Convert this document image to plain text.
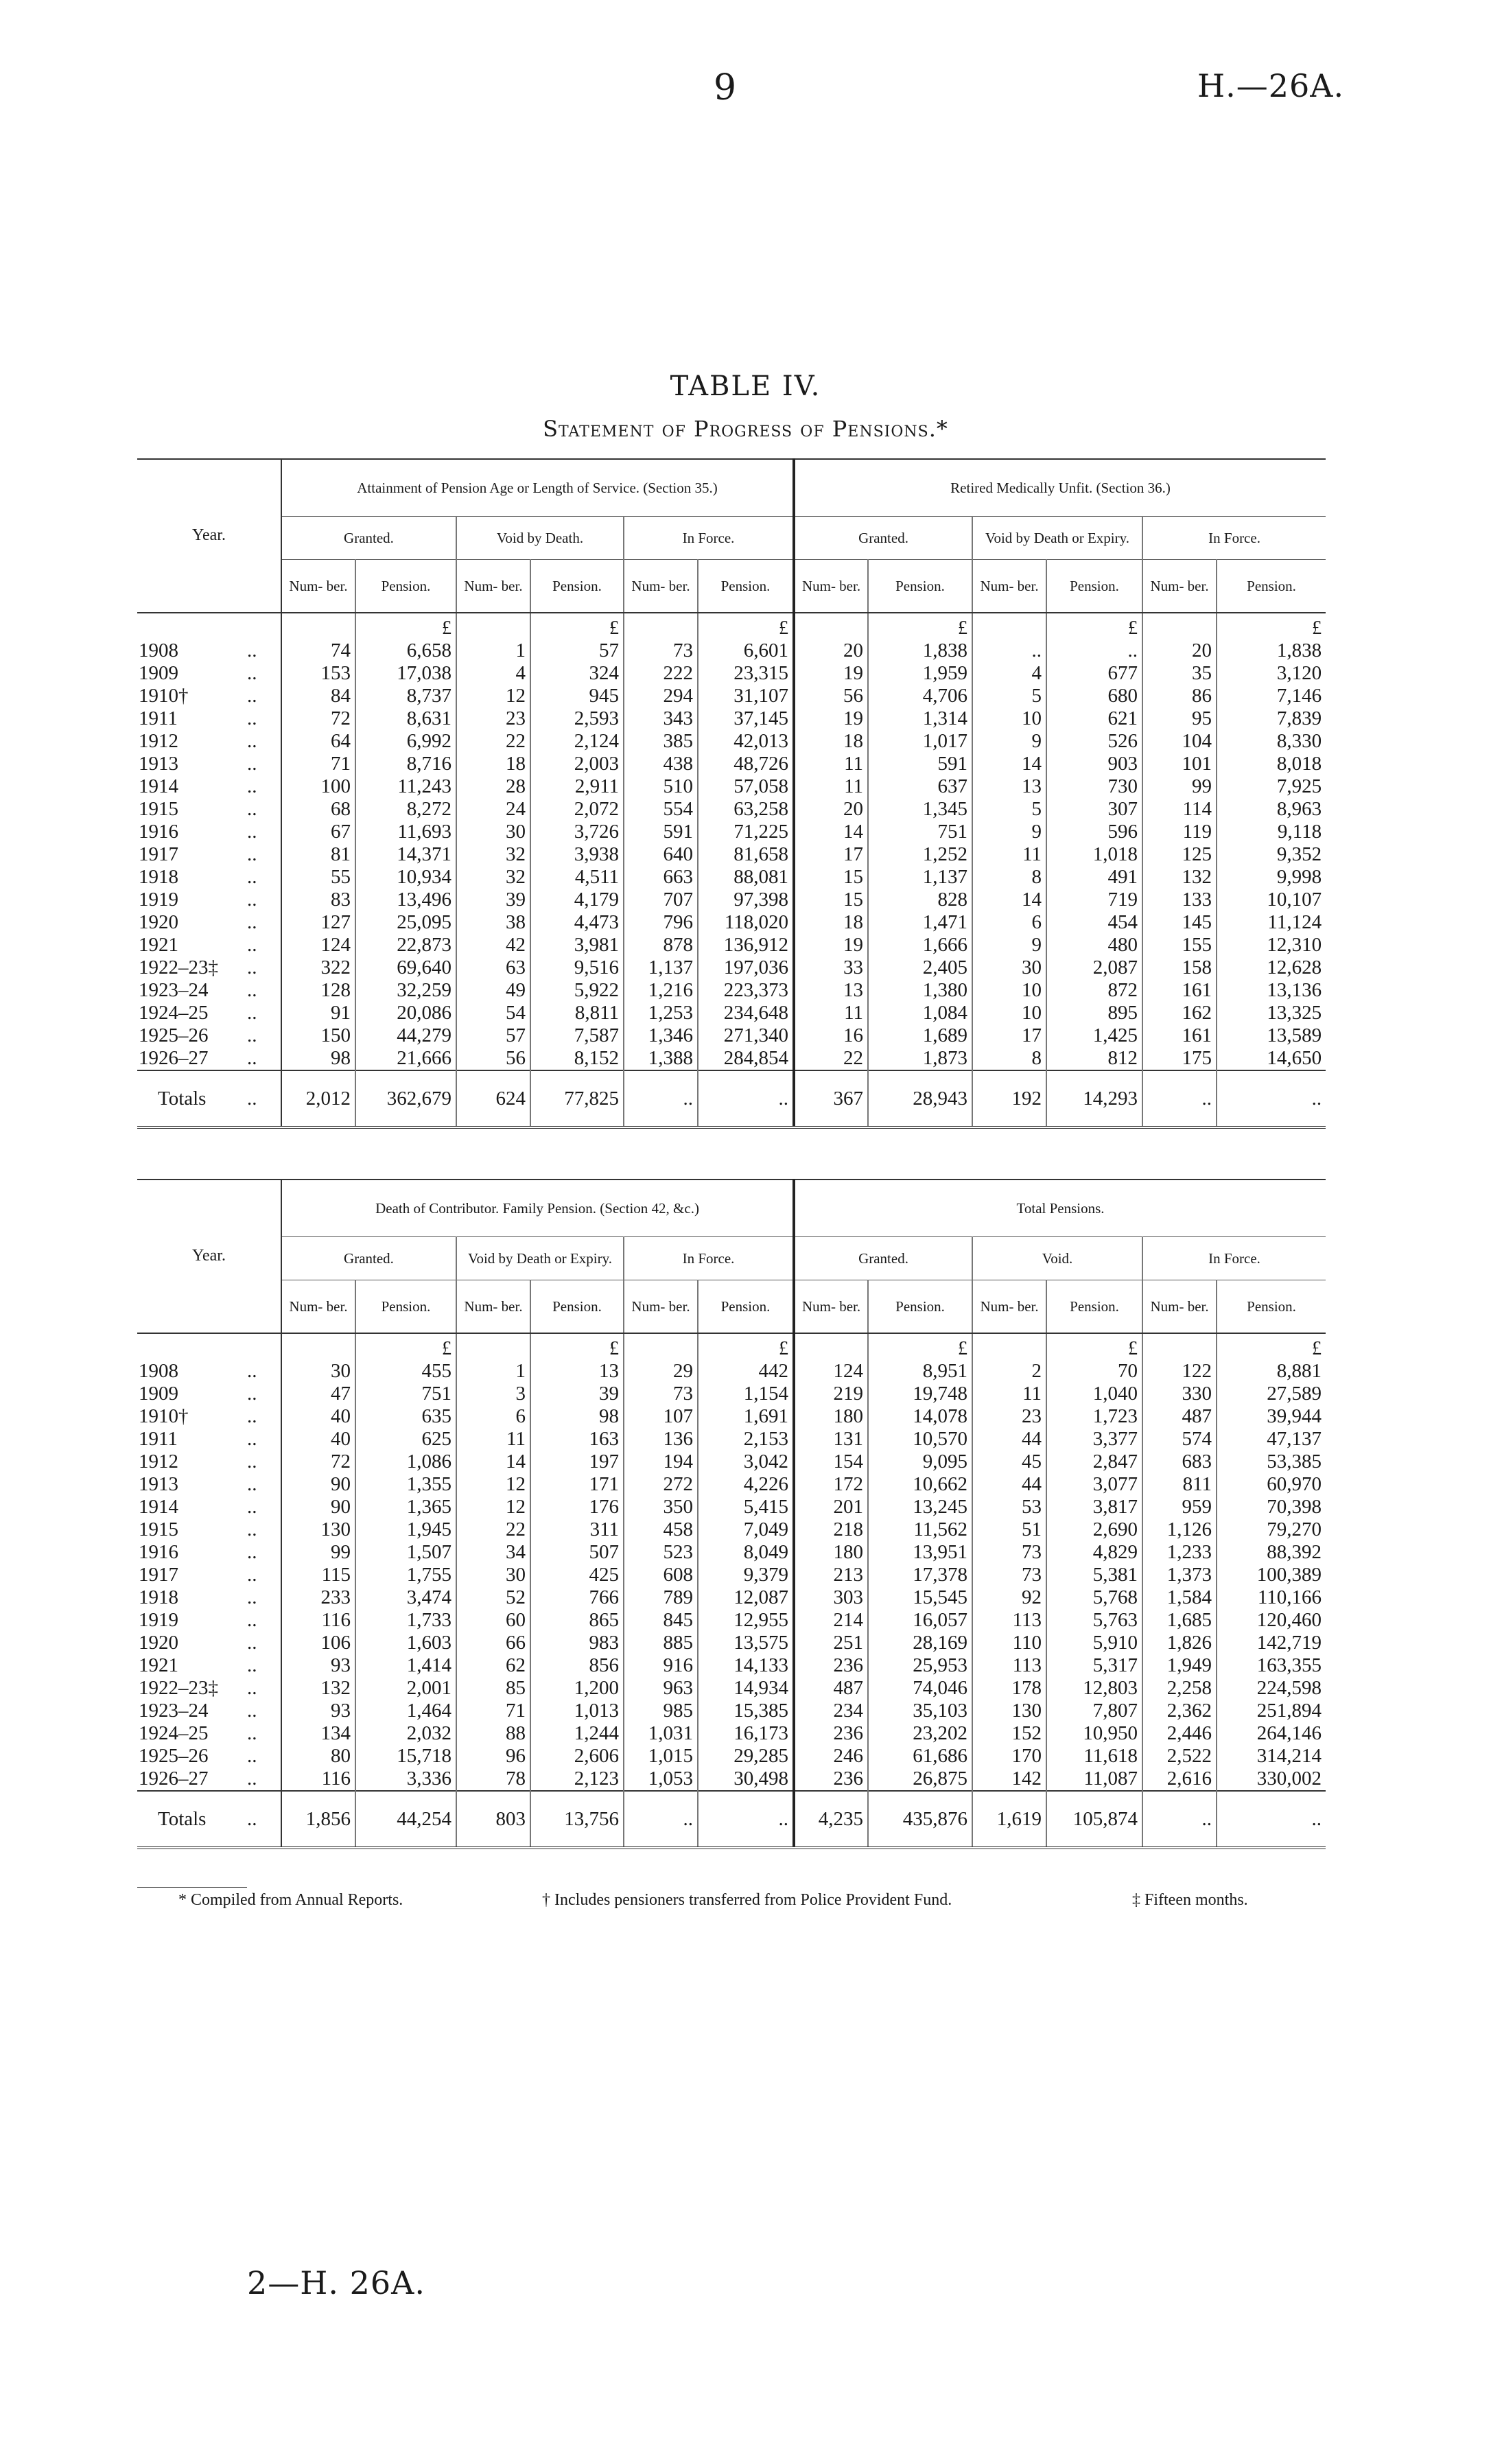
9	H.—26A.
TABLE IV.
Statement of Progress of Pensions.*
Year.	Attainment of Pension Age or Length of Service. (Section 35.)						Retired Medically Unfit. (Section 36.)					
	Granted.		Void by Death.		In Force.		Granted.		Void by Death or Expiry.		In Force.	
	Num- ber.	Pension.	Num- ber.	Pension.	Num- ber.	Pension.	Num- ber.	Pension.	Num- ber.	Pension.	Num- ber.	Pension.
		£		£		£		£		£		£
1908 ..	74	6,658	1	57	73	6,601	20	1,838	..	..	20	1,838
1909 ..	153	17,038	4	324	222	23,315	19	1,959	4	677	35	3,120
1910† ..	84	8,737	12	945	294	31,107	56	4,706	5	680	86	7,146
1911 ..	72	8,631	23	2,593	343	37,145	19	1,314	10	621	95	7,839
1912 ..	64	6,992	22	2,124	385	42,013	18	1,017	9	526	104	8,330
1913 ..	71	8,716	18	2,003	438	48,726	11	591	14	903	101	8,018
1914 ..	100	11,243	28	2,911	510	57,058	11	637	13	730	99	7,925
1915 ..	68	8,272	24	2,072	554	63,258	20	1,345	5	307	114	8,963
1916 ..	67	11,693	30	3,726	591	71,225	14	751	9	596	119	9,118
1917 ..	81	14,371	32	3,938	640	81,658	17	1,252	11	1,018	125	9,352
1918 ..	55	10,934	32	4,511	663	88,081	15	1,137	8	491	132	9,998
1919 ..	83	13,496	39	4,179	707	97,398	15	828	14	719	133	10,107
1920 ..	127	25,095	38	4,473	796	118,020	18	1,471	6	454	145	11,124
1921 ..	124	22,873	42	3,981	878	136,912	19	1,666	9	480	155	12,310
1922–23‡ ..	322	69,640	63	9,516	1,137	197,036	33	2,405	30	2,087	158	12,628
1923–24 ..	128	32,259	49	5,922	1,216	223,373	13	1,380	10	872	161	13,136
1924–25 ..	91	20,086	54	8,811	1,253	234,648	11	1,084	10	895	162	13,325
1925–26 ..	150	44,279	57	7,587	1,346	271,340	16	1,689	17	1,425	161	13,589
1926–27 ..	98	21,666	56	8,152	1,388	284,854	22	1,873	8	812	175	14,650
Totals ..	2,012	362,679	624	77,825	..	..	367	28,943	192	14,293	..	..
Year.	Death of Contributor. Family Pension. (Section 42, &c.)						Total Pensions.					
	Granted.		Void by Death or Expiry.		In Force.		Granted.		Void.		In Force.	
	Num- ber.	Pension.	Num- ber.	Pension.	Num- ber.	Pension.	Num- ber.	Pension.	Num- ber.	Pension.	Num- ber.	Pension.
		£		£		£		£		£		£
1908 ..	30	455	1	13	29	442	124	8,951	2	70	122	8,881
1909 ..	47	751	3	39	73	1,154	219	19,748	11	1,040	330	27,589
1910† ..	40	635	6	98	107	1,691	180	14,078	23	1,723	487	39,944
1911 ..	40	625	11	163	136	2,153	131	10,570	44	3,377	574	47,137
1912 ..	72	1,086	14	197	194	3,042	154	9,095	45	2,847	683	53,385
1913 ..	90	1,355	12	171	272	4,226	172	10,662	44	3,077	811	60,970
1914 ..	90	1,365	12	176	350	5,415	201	13,245	53	3,817	959	70,398
1915 ..	130	1,945	22	311	458	7,049	218	11,562	51	2,690	1,126	79,270
1916 ..	99	1,507	34	507	523	8,049	180	13,951	73	4,829	1,233	88,392
1917 ..	115	1,755	30	425	608	9,379	213	17,378	73	5,381	1,373	100,389
1918 ..	233	3,474	52	766	789	12,087	303	15,545	92	5,768	1,584	110,166
1919 ..	116	1,733	60	865	845	12,955	214	16,057	113	5,763	1,685	120,460
1920 ..	106	1,603	66	983	885	13,575	251	28,169	110	5,910	1,826	142,719
1921 ..	93	1,414	62	856	916	14,133	236	25,953	113	5,317	1,949	163,355
1922–23‡ ..	132	2,001	85	1,200	963	14,934	487	74,046	178	12,803	2,258	224,598
1923–24 ..	93	1,464	71	1,013	985	15,385	234	35,103	130	7,807	2,362	251,894
1924–25 ..	134	2,032	88	1,244	1,031	16,173	236	23,202	152	10,950	2,446	264,146
1925–26 ..	80	15,718	96	2,606	1,015	29,285	246	61,686	170	11,618	2,522	314,214
1926–27 ..	116	3,336	78	2,123	1,053	30,498	236	26,875	142	11,087	2,616	330,002
Totals ..	1,856	44,254	803	13,756	..	..	4,235	435,876	1,619	105,874	..	..
* Compiled from Annual Reports.	† Includes pensioners transferred from Police Provident Fund.	‡ Fifteen months.
2—H. 26A.
